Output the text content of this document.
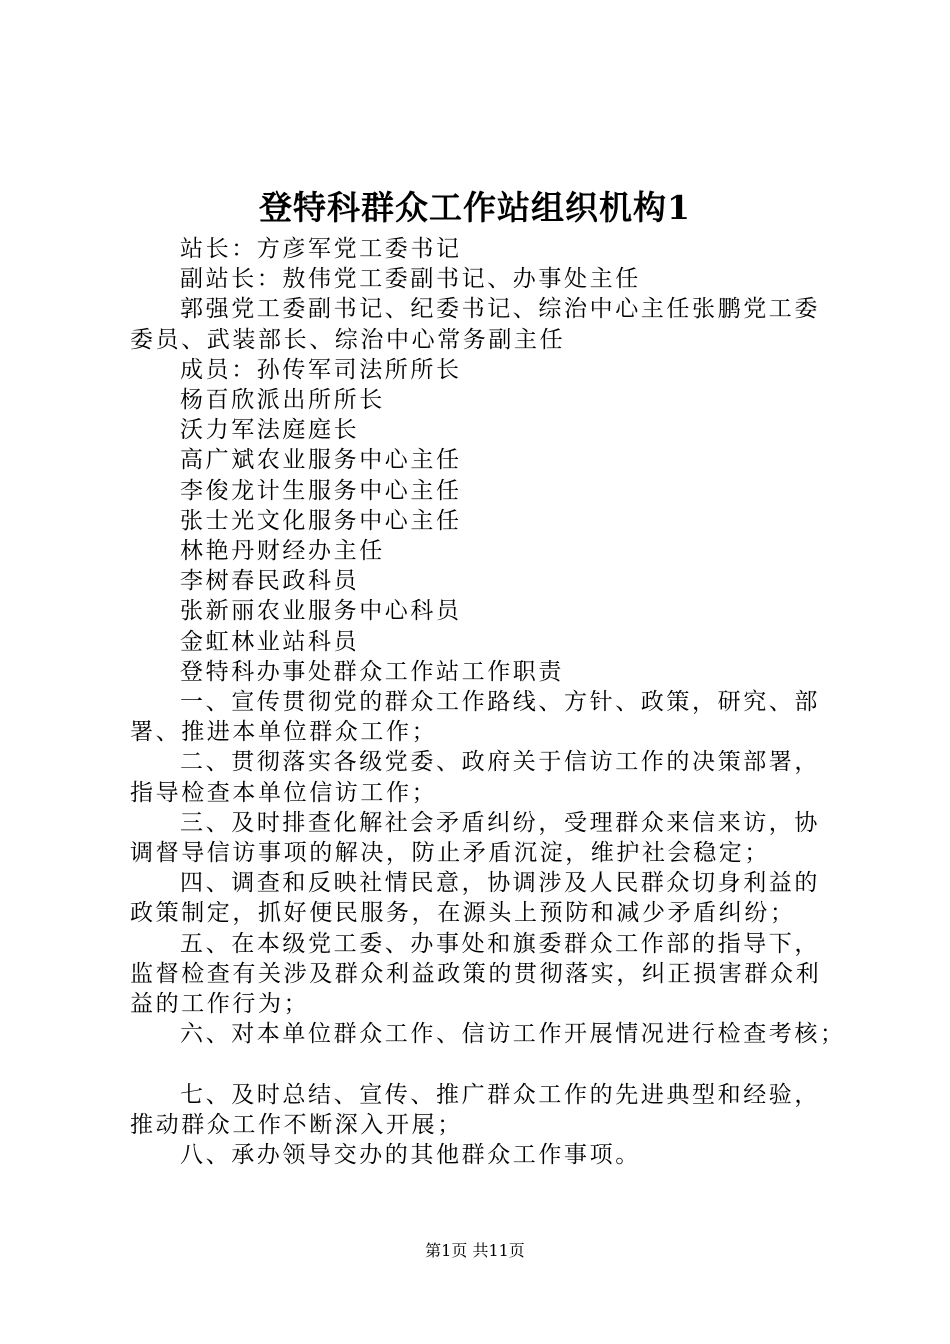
登特科群众工作站组织机构1

站长：方彦军党工委书记

副站长：敖伟党工委副书记、办事处主任

郭强党工委副书记、纪委书记、综治中心主任张鹏党工委委员、武装部长、综治中心常务副主任

成员：孙传军司法所所长

杨百欣派出所所长

沃力军法庭庭长

高广斌农业服务中心主任

李俊龙计生服务中心主任

张士光文化服务中心主任

林艳丹财经办主任

李树春民政科员

张新丽农业服务中心科员

金虹林业站科员

登特科办事处群众工作站工作职责

一、宣传贯彻党的群众工作路线、方针、政策，研究、部署、推进本单位群众工作；

二、贯彻落实各级党委、政府关于信访工作的决策部署，指导检查本单位信访工作；

三、及时排查化解社会矛盾纠纷，受理群众来信来访，协调督导信访事项的解决，防止矛盾沉淀，维护社会稳定；

四、调查和反映社情民意，协调涉及人民群众切身利益的政策制定，抓好便民服务，在源头上预防和减少矛盾纠纷；

五、在本级党工委、办事处和旗委群众工作部的指导下，监督检查有关涉及群众利益政策的贯彻落实，纠正损害群众利益的工作行为；

六、对本单位群众工作、信访工作开展情况进行检查考核；

七、及时总结、宣传、推广群众工作的先进典型和经验，推动群众工作不断深入开展；

八、承办领导交办的其他群众工作事项。

第1页 共11页
